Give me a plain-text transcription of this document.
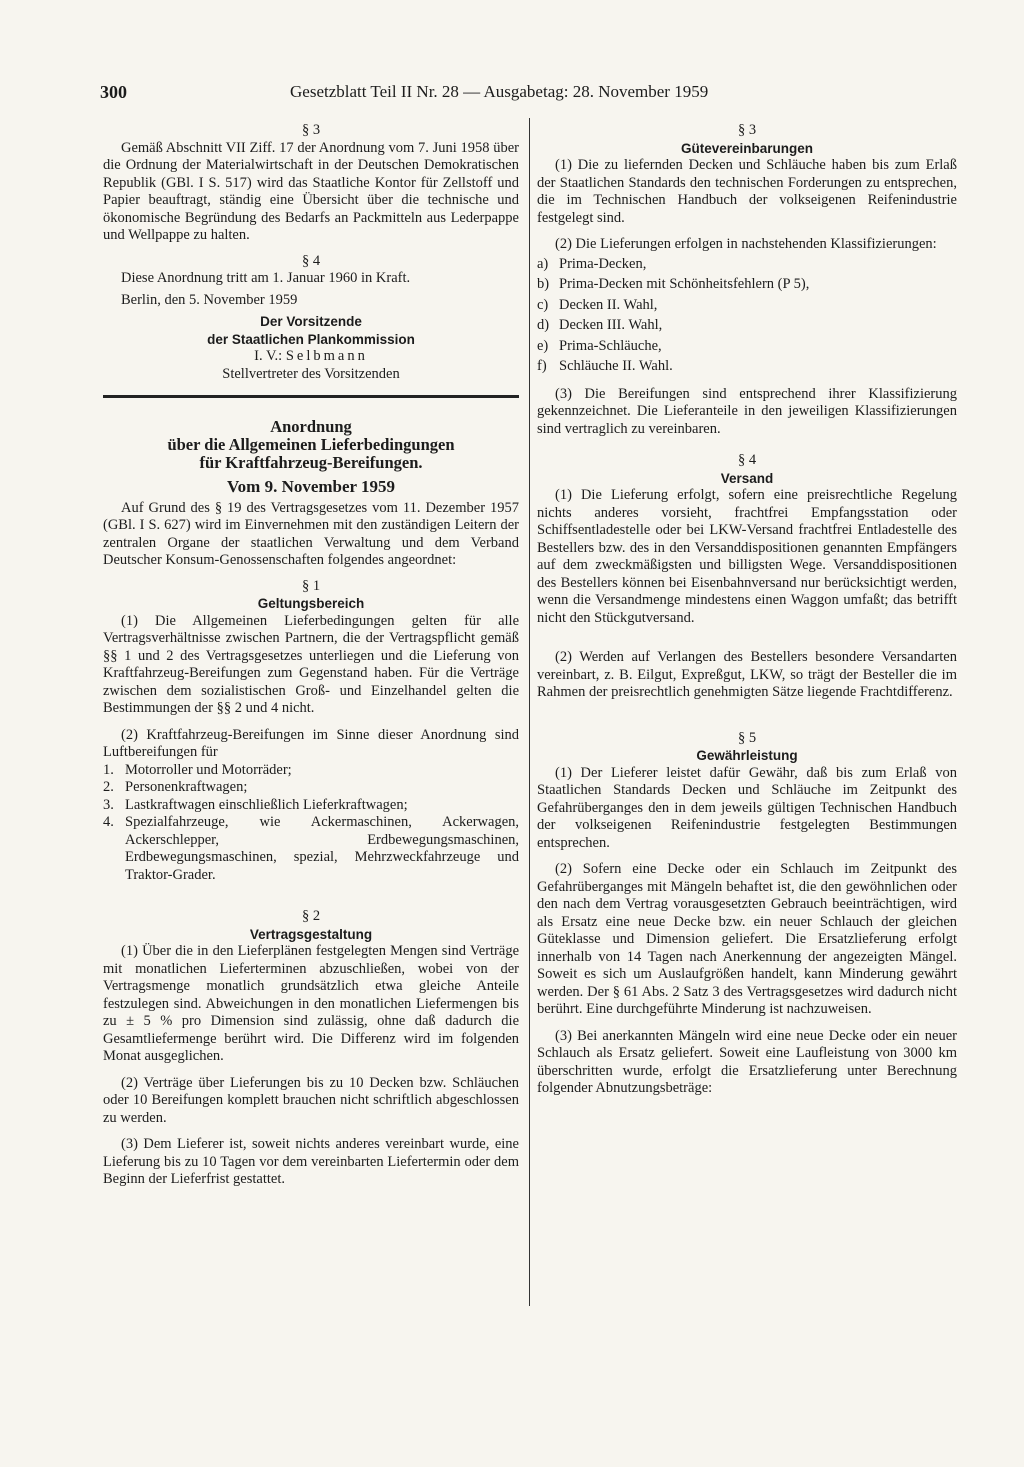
300	Gesetzblatt Teil II Nr. 28 — Ausgabetag: 28. November 1959

§ 3

Gemäß Abschnitt VII Ziff. 17 der Anordnung vom 7. Juni 1958 über die Ordnung der Materialwirtschaft in der Deutschen Demokratischen Republik (GBl. I S. 517) wird das Staatliche Kontor für Zellstoff und Papier beauftragt, ständig eine Übersicht über die technische und ökonomische Begründung des Bedarfs an Packmitteln aus Lederpappe und Wellpappe zu halten.

§ 4

Diese Anordnung tritt am 1. Januar 1960 in Kraft.

Berlin, den 5. November 1959

Der Vorsitzende

der Staatlichen Plankommission

I. V.: Selbmann

Stellvertreter des Vorsitzenden

Anordnung

über die Allgemeinen Lieferbedingungen

für Kraftfahrzeug-Bereifungen.

Vom 9. November 1959

Auf Grund des § 19 des Vertragsgesetzes vom 11. Dezember 1957 (GBl. I S. 627) wird im Einvernehmen mit den zuständigen Leitern der zentralen Organe der staatlichen Verwaltung und dem Verband Deutscher Konsum-Genossenschaften folgendes angeordnet:

§ 1

Geltungsbereich

(1) Die Allgemeinen Lieferbedingungen gelten für alle Vertragsverhältnisse zwischen Partnern, die der Vertragspflicht gemäß §§ 1 und 2 des Vertragsgesetzes unterliegen und die Lieferung von Kraftfahrzeug-Bereifungen zum Gegenstand haben. Für die Verträge zwischen dem sozialistischen Groß- und Einzelhandel gelten die Bestimmungen der §§ 2 und 4 nicht.

(2) Kraftfahrzeug-Bereifungen im Sinne dieser Anordnung sind Luftbereifungen für

1. Motorroller und Motorräder;
2. Personenkraftwagen;
3. Lastkraftwagen einschließlich Lieferkraftwagen;
4. Spezialfahrzeuge, wie Ackermaschinen, Ackerwagen, Ackerschlepper, Erdbewegungsmaschinen, Erdbewegungsmaschinen, spezial, Mehrzweckfahrzeuge und Traktor-Grader.

§ 2

Vertragsgestaltung

(1) Über die in den Lieferplänen festgelegten Mengen sind Verträge mit monatlichen Lieferterminen abzuschließen, wobei von der Vertragsmenge monatlich grundsätzlich etwa gleiche Anteile festzulegen sind. Abweichungen in den monatlichen Liefermengen bis zu ± 5 % pro Dimension sind zulässig, ohne daß dadurch die Gesamtliefermenge berührt wird. Die Differenz wird im folgenden Monat ausgeglichen.

(2) Verträge über Lieferungen bis zu 10 Decken bzw. Schläuchen oder 10 Bereifungen komplett brauchen nicht schriftlich abgeschlossen zu werden.

(3) Dem Lieferer ist, soweit nichts anderes vereinbart wurde, eine Lieferung bis zu 10 Tagen vor dem vereinbarten Liefertermin oder dem Beginn der Lieferfrist gestattet.

§ 3

Gütevereinbarungen

(1) Die zu liefernden Decken und Schläuche haben bis zum Erlaß der Staatlichen Standards den technischen Forderungen zu entsprechen, die im Technischen Handbuch der volkseigenen Reifenindustrie festgelegt sind.

(2) Die Lieferungen erfolgen in nachstehenden Klassifizierungen:

a) Prima-Decken,
b) Prima-Decken mit Schönheitsfehlern (P 5),
c) Decken II. Wahl,
d) Decken III. Wahl,
e) Prima-Schläuche,
f) Schläuche II. Wahl.

(3) Die Bereifungen sind entsprechend ihrer Klassifizierung gekennzeichnet. Die Lieferanteile in den jeweiligen Klassifizierungen sind vertraglich zu vereinbaren.

§ 4

Versand

(1) Die Lieferung erfolgt, sofern eine preisrechtliche Regelung nichts anderes vorsieht, frachtfrei Empfangsstation oder Schiffsentladestelle oder bei LKW-Versand frachtfrei Entladestelle des Bestellers bzw. des in den Versanddispositionen genannten Empfängers auf dem zweckmäßigsten und billigsten Wege. Versanddispositionen des Bestellers können bei Eisenbahnversand nur berücksichtigt werden, wenn die Versandmenge mindestens einen Waggon umfaßt; das betrifft nicht den Stückgutversand.

(2) Werden auf Verlangen des Bestellers besondere Versandarten vereinbart, z. B. Eilgut, Expreßgut, LKW, so trägt der Besteller die im Rahmen der preisrechtlich genehmigten Sätze liegende Frachtdifferenz.

§ 5

Gewährleistung

(1) Der Lieferer leistet dafür Gewähr, daß bis zum Erlaß von Staatlichen Standards Decken und Schläuche im Zeitpunkt des Gefahrüberganges den in dem jeweils gültigen Technischen Handbuch der volkseigenen Reifenindustrie festgelegten Bestimmungen entsprechen.

(2) Sofern eine Decke oder ein Schlauch im Zeitpunkt des Gefahrüberganges mit Mängeln behaftet ist, die den gewöhnlichen oder den nach dem Vertrag vorausgesetzten Gebrauch beeinträchtigen, wird als Ersatz eine neue Decke bzw. ein neuer Schlauch der gleichen Güteklasse und Dimension geliefert. Die Ersatzlieferung erfolgt innerhalb von 14 Tagen nach Anerkennung der angezeigten Mängel. Soweit es sich um Auslaufgrößen handelt, kann Minderung gewährt werden. Der § 61 Abs. 2 Satz 3 des Vertragsgesetzes wird dadurch nicht berührt. Eine durchgeführte Minderung ist nachzuweisen.

(3) Bei anerkannten Mängeln wird eine neue Decke oder ein neuer Schlauch als Ersatz geliefert. Soweit eine Laufleistung von 3000 km überschritten wurde, erfolgt die Ersatzlieferung unter Berechnung folgender Abnutzungsbeträge:
